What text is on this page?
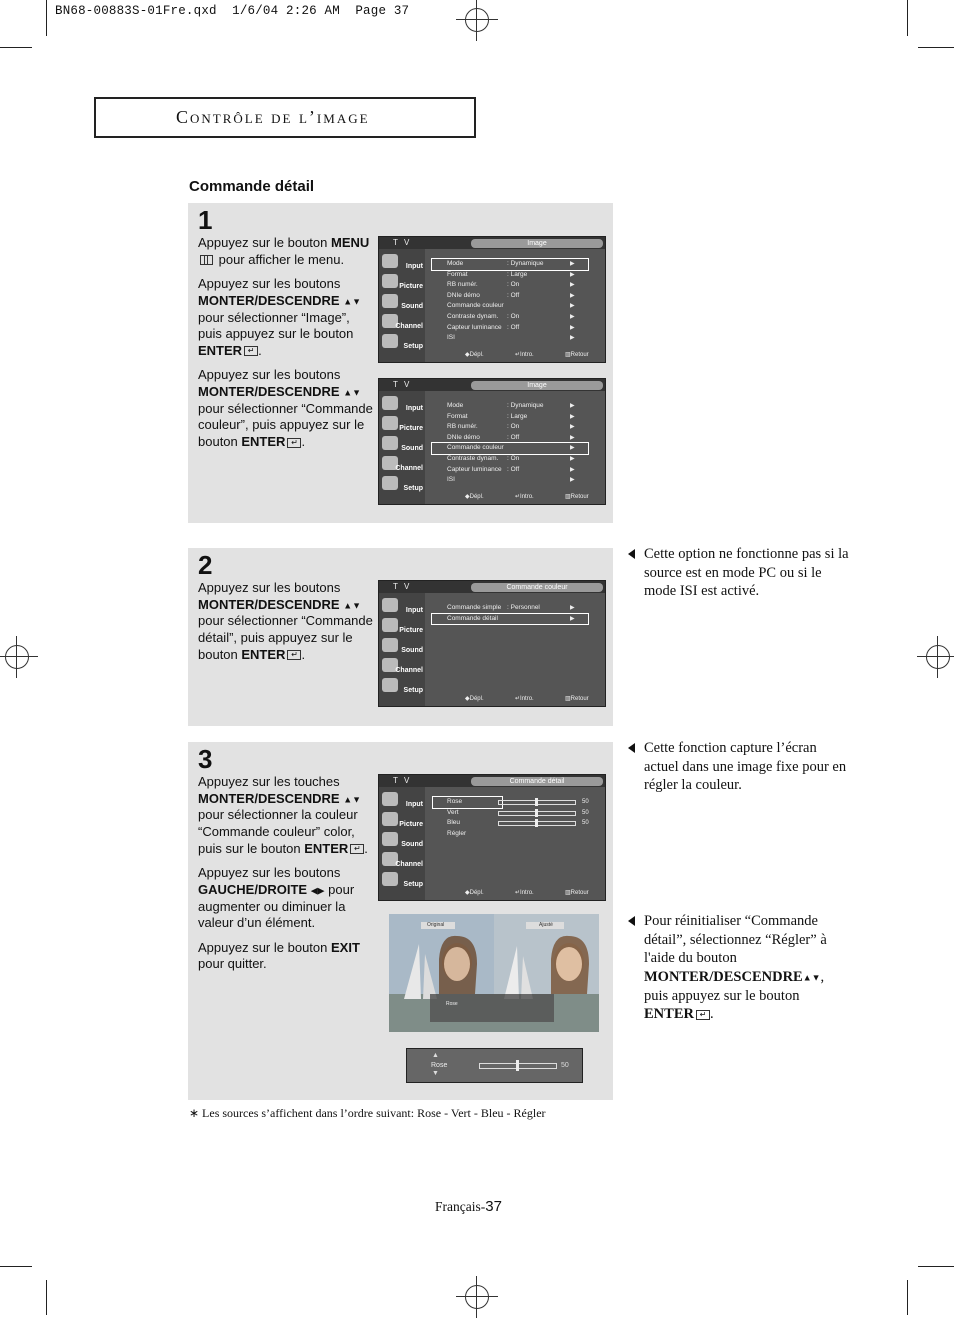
BN68-00883S-01Fre.qxd  1/6/04 2:26 AM  Page 37
Contrôle de l’image
Commande détail
1

Appuyez sur le bouton MENU pour afficher le menu.

Appuyez sur les boutons MONTER/DESCENDRE ▲▼ pour sélectionner “Image”, puis appuyez sur le bouton ENTER ↵ .

Appuyez sur les boutons MONTER/DESCENDRE ▲▼ pour sélectionner “Commande couleur”, puis appuyez sur le bouton ENTER ↵ .

T V	Image
Input
Picture
Sound
Channel
Setup
Mode	: Dynamique	▶
Format	: Large	▶
RB numér.	: On	▶
DNIe démo	: Off	▶
Commande couleur	▶
Contraste dynam. : On	▶
Capteur luminance : Off	▶
ISI	▶
◆ Dépl.	↵ Intro.	▥ Retour
T V	Image
Input
Picture
Sound
Channel
Setup
Mode	: Dynamique	▶
Format	: Large	▶
RB numér.	: On	▶
DNIe démo	: Off	▶
Commande couleur	▶
Contraste dynam. : On	▶
Capteur luminance : Off	▶
ISI	▶
◆ Dépl.	↵ Intro.	▥ Retour
2

Appuyez sur les boutons MONTER/DESCENDRE ▲▼ pour sélectionner “Commande détail”, puis appuyez sur le bouton ENTER ↵ .

T V	Commande couleur
Input
Picture
Sound
Channel
Setup
Commande simple : Personnel	▶
Commande détail	▶
◆ Dépl.	↵ Intro.	▥ Retour
3

Appuyez sur les touches MONTER/DESCENDRE ▲▼ pour sélectionner la couleur “Commande couleur” color, puis sur le bouton ENTER ↵ .

Appuyez sur les boutons GAUCHE/DROITE ◀▶ pour augmenter ou diminuer la valeur d’un élément.

Appuyez sur le bouton EXIT pour quitter.

T V	Commande détail
Input
Picture
Sound
Channel
Setup
Rose	50
Vert	50
Bleu	50
Régler
◆ Dépl.	↵ Intro.	▥ Retour
Original	Ajusté
Rose
▲
Rose
▼
50
Cette option ne fonctionne pas si la source est en mode PC ou si le mode ISI est activé.
Cette fonction capture l’écran actuel dans une image fixe pour en régler la couleur.
Pour réinitialiser “Commande détail”, sélectionnez “Régler” à l'aide du bouton MONTER/DESCENDRE▲▼, puis appuyez sur le bouton ENTER ↵ .
∗ Les sources s’affichent dans l’ordre suivant: Rose - Vert - Bleu - Régler
Français-37
